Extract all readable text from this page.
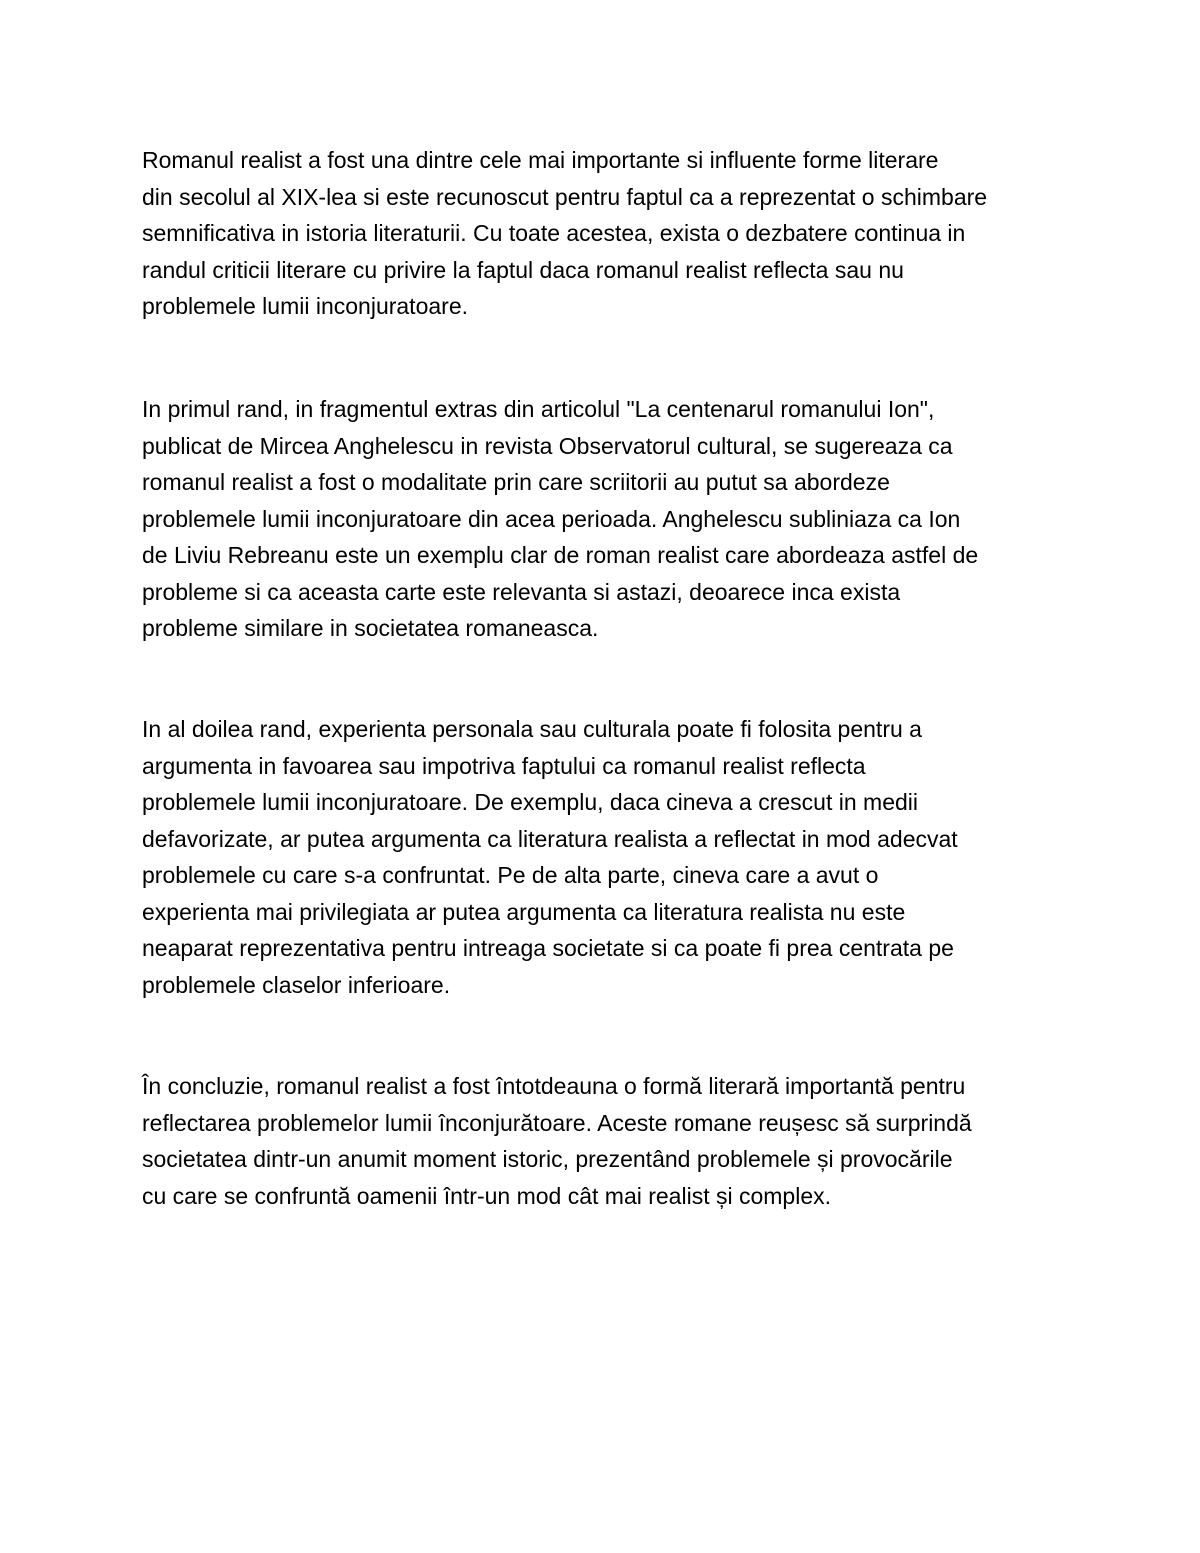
Romanul realist a fost una dintre cele mai importante si influente forme literare
din secolul al XIX-lea si este recunoscut pentru faptul ca a reprezentat o schimbare
semnificativa in istoria literaturii. Cu toate acestea, exista o dezbatere continua in
randul criticii literare cu privire la faptul daca romanul realist reflecta sau nu
problemele lumii inconjuratoare.
In primul rand, in fragmentul extras din articolul "La centenarul romanului Ion",
publicat de Mircea Anghelescu in revista Observatorul cultural, se sugereaza ca
romanul realist a fost o modalitate prin care scriitorii au putut sa abordeze
problemele lumii inconjuratoare din acea perioada. Anghelescu subliniaza ca Ion
de Liviu Rebreanu este un exemplu clar de roman realist care abordeaza astfel de
probleme si ca aceasta carte este relevanta si astazi, deoarece inca exista
probleme similare in societatea romaneasca.
In al doilea rand, experienta personala sau culturala poate fi folosita pentru a
argumenta in favoarea sau impotriva faptului ca romanul realist reflecta
problemele lumii inconjuratoare. De exemplu, daca cineva a crescut in medii
defavorizate, ar putea argumenta ca literatura realista a reflectat in mod adecvat
problemele cu care s-a confruntat. Pe de alta parte, cineva care a avut o
experienta mai privilegiata ar putea argumenta ca literatura realista nu este
neaparat reprezentativa pentru intreaga societate si ca poate fi prea centrata pe
problemele claselor inferioare.
În concluzie, romanul realist a fost întotdeauna o formă literară importantă pentru
reflectarea problemelor lumii înconjurătoare. Aceste romane reușesc să surprindă
societatea dintr-un anumit moment istoric, prezentând problemele și provocările
cu care se confruntă oamenii într-un mod cât mai realist și complex.
